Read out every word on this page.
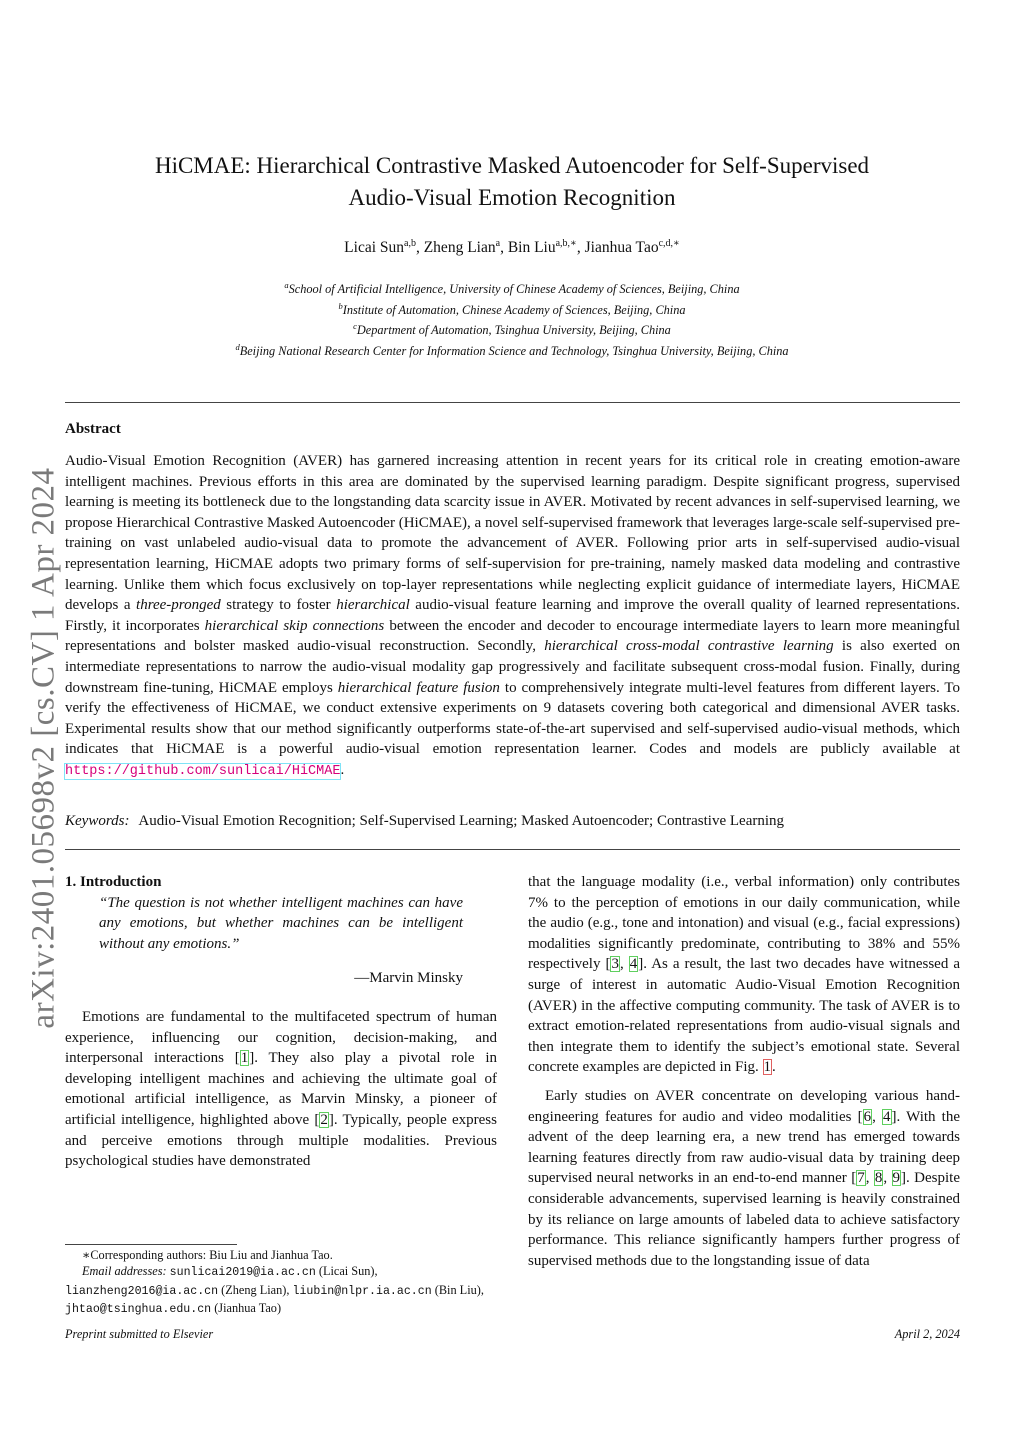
arXiv:2401.05698v2 [cs.CV] 1 Apr 2024
HiCMAE: Hierarchical Contrastive Masked Autoencoder for Self-Supervised
Audio-Visual Emotion Recognition
Licai Sun$^{a,b}$, Zheng Lian$^a$, Bin Liu$^{a,b,∗}$, Jianhua Tao$^{c,d,∗}$
$^a$School of Artificial Intelligence, University of Chinese Academy of Sciences, Beijing, China
$^b$Institute of Automation, Chinese Academy of Sciences, Beijing, China
$^c$Department of Automation, Tsinghua University, Beijing, China
$^d$Beijing National Research Center for Information Science and Technology, Tsinghua University, Beijing, China
Abstract

Audio-Visual Emotion Recognition (AVER) has garnered increasing attention in recent years for its critical role in creating emotion-aware intelligent machines. Previous efforts in this area are dominated by the supervised learning paradigm. Despite significant progress, supervised learning is meeting its bottleneck due to the longstanding data scarcity issue in AVER. Motivated by recent advances in self-supervised learning, we propose Hierarchical Contrastive Masked Autoencoder (HiCMAE), a novel self-supervised framework that leverages large-scale self-supervised pre-training on vast unlabeled audio-visual data to promote the advancement of AVER. Following prior arts in self-supervised audio-visual representation learning, HiCMAE adopts two primary forms of self-supervision for pre-training, namely masked data modeling and contrastive learning. Unlike them which focus exclusively on top-layer representations while neglecting explicit guidance of intermediate layers, HiCMAE develops a three-pronged strategy to foster hierarchical audio-visual feature learning and improve the overall quality of learned representations. Firstly, it incorporates hierarchical skip connections between the encoder and decoder to encourage intermediate layers to learn more meaningful representations and bolster masked audio-visual reconstruction. Secondly, hierarchical cross-modal contrastive learning is also exerted on intermediate representations to narrow the audio-visual modality gap progressively and facilitate subsequent cross-modal fusion. Finally, during downstream fine-tuning, HiCMAE employs hierarchical feature fusion to comprehensively integrate multi-level features from different layers. To verify the effectiveness of HiCMAE, we conduct extensive experiments on 9 datasets covering both categorical and dimensional AVER tasks. Experimental results show that our method significantly outperforms state-of-the-art supervised and self-supervised audio-visual methods, which indicates that HiCMAE is a powerful audio-visual emotion representation learner. Codes and models are publicly available at https://github.com/sunlicai/HiCMAE.

Keywords: Audio-Visual Emotion Recognition; Self-Supervised Learning; Masked Autoencoder; Contrastive Learning

1. Introduction

“The question is not whether intelligent machines can have any emotions, but whether machines can be intelligent without any emotions.”

—Marvin Minsky

Emotions are fundamental to the multifaceted spectrum of human experience, influencing our cognition, decision-making, and interpersonal interactions [1]. They also play a pivotal role in developing intelligent machines and achieving the ultimate goal of emotional artificial intelligence, as Marvin Minsky, a pioneer of artificial intelligence, highlighted above [2]. Typically, people express and perceive emotions through multiple modalities. Previous psychological studies have demonstrated

that the language modality (i.e., verbal information) only contributes 7% to the perception of emotions in our daily communication, while the audio (e.g., tone and intonation) and visual (e.g., facial expressions) modalities significantly predominate, contributing to 38% and 55% respectively [3, 4]. As a result, the last two decades have witnessed a surge of interest in automatic Audio-Visual Emotion Recognition (AVER) in the affective computing community. The task of AVER is to extract emotion-related representations from audio-visual signals and then integrate them to identify the subject’s emotional state. Several concrete examples are depicted in Fig. 1.

Early studies on AVER concentrate on developing various hand-engineering features for audio and video modalities [6, 4]. With the advent of the deep learning era, a new trend has emerged towards learning features directly from raw audio-visual data by training deep supervised neural networks in an end-to-end manner [7, 8, 9]. Despite considerable advancements, supervised learning is heavily constrained by its reliance on large amounts of labeled data to achieve satisfactory performance. This reliance significantly hampers further progress of supervised methods due to the longstanding issue of data

∗Corresponding authors: Biu Liu and Jianhua Tao.

Email addresses: sunlicai2019@ia.ac.cn (Licai Sun), lianzheng2016@ia.ac.cn (Zheng Lian), liubin@nlpr.ia.ac.cn (Bin Liu), jhtao@tsinghua.edu.cn (Jianhua Tao)

Preprint submitted to Elsevier	April 2, 2024
